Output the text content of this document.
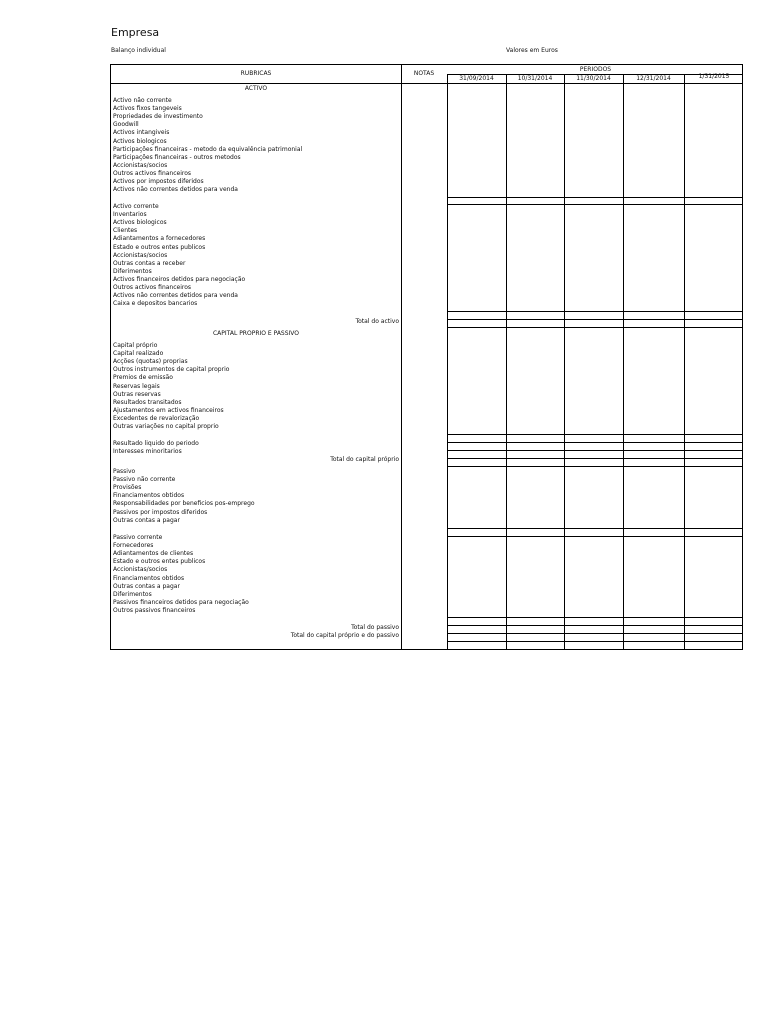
Empresa
Balanço individual	Valores em Euros
RUBRICAS	NOTAS
PERIODOS
31/09/2014	10/31/2014	11/30/2014	12/31/2014	1/31/2015
ACTIVO
Activo não corrente
Activos fixos tangeveis
Propriedades de investimento
Goodwill
Activos intangiveis
Activos biologicos
Participações financeiras - metodo da equivalência patrimonial
Participações financeiras - outros metodos
Accionistas/socios
Outros activos financeiros
Activos por impostos diferidos
Activos não correntes detidos para venda
Activo corrente
Inventarios
Activos biologicos
Clientes
Adiantamentos a fornecedores
Estado e outros entes publicos
Accionistas/socios
Outras contas a receber
Diferimentos
Activos financeiros detidos para negociação
Outros activos financeiros
Activos não correntes detidos para venda
Caixa e depositos bancarios
Total do activo
CAPITAL PROPRIO E PASSIVO
Capital próprio
Capital realizado
Acções (quotas) proprias
Outros instrumentos de capital proprio
Premios de emissão
Reservas legais
Outras reservas
Resultados transitados
Ajustamentos em activos financeiros
Excedentes de revalorização
Outras variações no capital proprio
Resultado liquido do periodo
Interesses minoritarios
Total do capital próprio
Passivo
Passivo não corrente
Provisões
Financiamentos obtidos
Responsabilidades por beneficios pos-emprego
Passivos por impostos diferidos
Outras contas a pagar
Passivo corrente
Fornecedores
Adiantamentos de clientes
Estado e outros entes publicos
Accionistas/socios
Financiamentos obtidos
Outras contas a pagar
Diferimentos
Passivos financeiros detidos para negociação
Outros passivos financeiros
Total do passivo
Total do capital próprio e do passivo
